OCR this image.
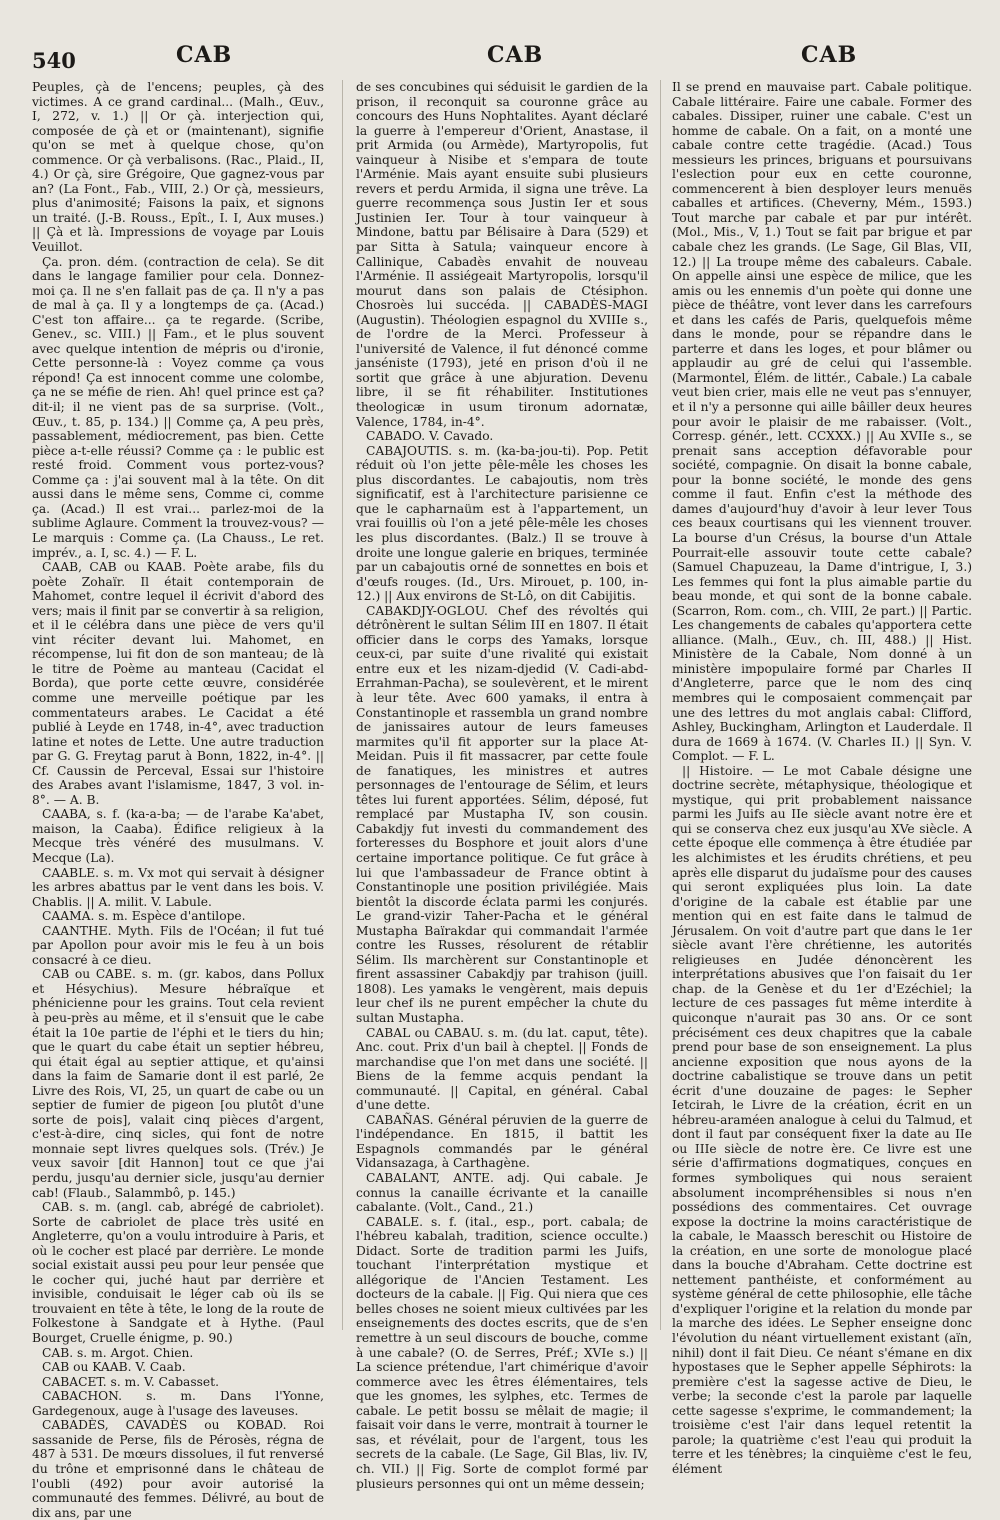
540	CAB	CAB	CAB

Peuples, çà de l'encens; peuples, çà des victimes. A ce grand cardinal... (Malh., Œuv., I, 272, v. 1.) || Or çà. interjection qui, composée de çà et or (maintenant), signifie qu'on se met à quelque chose, qu'on commence. Or çà verbalisons. (Rac., Plaid., II, 4.) Or çà, sire Grégoire, Que gagnez-vous par an? (La Font., Fab., VIII, 2.) Or çà, messieurs, plus d'animosité; Faisons la paix, et signons un traité. (J.-B. Rouss., Epît., I. I, Aux muses.) || Çà et là. Impressions de voyage par Louis Veuillot.

Ça. pron. dém. (contraction de cela). Se dit dans le langage familier pour cela. Donnez-moi ça. Il ne s'en fallait pas de ça. Il n'y a pas de mal à ça. Il y a longtemps de ça. (Acad.) C'est ton affaire... ça te regarde. (Scribe, Genev., sc. VIII.) || Fam., et le plus souvent avec quelque intention de mépris ou d'ironie, Cette personne-là : Voyez comme ça vous répond! Ça est innocent comme une colombe, ça ne se méfie de rien. Ah! quel prince est ça? dit-il; il ne vient pas de sa surprise. (Volt., Œuv., t. 85, p. 134.) || Comme ça, A peu près, passablement, médiocrement, pas bien. Cette pièce a-t-elle réussi? Comme ça : le public est resté froid. Comment vous portez-vous? Comme ça : j'ai souvent mal à la tête. On dit aussi dans le même sens, Comme ci, comme ça. (Acad.) Il est vrai... parlez-moi de la sublime Aglaure. Comment la trouvez-vous? — Le marquis : Comme ça. (La Chauss., Le ret. imprév., a. I, sc. 4.) — F. L.

CAAB, CAB ou KAAB. Poète arabe, fils du poète Zohaïr. Il était contemporain de Mahomet, contre lequel il écrivit d'abord des vers; mais il finit par se convertir à sa religion, et il le célébra dans une pièce de vers qu'il vint réciter devant lui. Mahomet, en récompense, lui fit don de son manteau; de là le titre de Poème au manteau (Cacidat el Borda), que porte cette œuvre, considérée comme une merveille poétique par les commentateurs arabes. Le Cacidat a été publié à Leyde en 1748, in-4°, avec traduction latine et notes de Lette. Une autre traduction par G. G. Freytag parut à Bonn, 1822, in-4°. || Cf. Caussin de Perceval, Essai sur l'histoire des Arabes avant l'islamisme, 1847, 3 vol. in-8°. — A. B.

CAABA, s. f. (ka-a-ba; — de l'arabe Ka'abet, maison, la Caaba). Édifice religieux à la Mecque très vénéré des musulmans. V. Mecque (La).

CAABLE. s. m. Vx mot qui servait à désigner les arbres abattus par le vent dans les bois. V. Chablis. || A. milit. V. Labule.

CAAMA. s. m. Espèce d'antilope.

CAANTHE. Myth. Fils de l'Océan; il fut tué par Apollon pour avoir mis le feu à un bois consacré à ce dieu.

CAB ou CABE. s. m. (gr. kabos, dans Pollux et Hésychius). Mesure hébraïque et phénicienne pour les grains. Tout cela revient à peu-près au même, et il s'ensuit que le cabe était la 10e partie de l'éphi et le tiers du hin; que le quart du cabe était un septier hébreu, qui était égal au septier attique, et qu'ainsi dans la faim de Samarie dont il est parlé, 2e Livre des Rois, VI, 25, un quart de cabe ou un septier de fumier de pigeon [ou plutôt d'une sorte de pois], valait cinq pièces d'argent, c'est-à-dire, cinq sicles, qui font de notre monnaie sept livres quelques sols. (Trév.) Je veux savoir [dit Hannon] tout ce que j'ai perdu, jusqu'au dernier sicle, jusqu'au dernier cab! (Flaub., Salammbô, p. 145.)

CAB. s. m. (angl. cab, abrégé de cabriolet). Sorte de cabriolet de place très usité en Angleterre, qu'on a voulu introduire à Paris, et où le cocher est placé par derrière. Le monde social existait aussi peu pour leur pensée que le cocher qui, juché haut par derrière et invisible, conduisait le léger cab où ils se trouvaient en tête à tête, le long de la route de Folkestone à Sandgate et à Hythe. (Paul Bourget, Cruelle énigme, p. 90.)

CAB. s. m. Argot. Chien.

CAB ou KAAB. V. Caab.

CABACET. s. m. V. Cabasset.

CABACHON. s. m. Dans l'Yonne, Gardegenoux, auge à l'usage des laveuses.

CABADÈS, CAVADÈS ou KOBAD. Roi sassanide de Perse, fils de Pérosès, régna de 487 à 531. De mœurs dissolues, il fut renversé du trône et emprisonné dans le château de l'oubli (492) pour avoir autorisé la communauté des femmes. Délivré, au bout de dix ans, par une

de ses concubines qui séduisit le gardien de la prison, il reconquit sa couronne grâce au concours des Huns Nophtalites. Ayant déclaré la guerre à l'empereur d'Orient, Anastase, il prit Armida (ou Armède), Martyropolis, fut vainqueur à Nisibe et s'empara de toute l'Arménie. Mais ayant ensuite subi plusieurs revers et perdu Armida, il signa une trêve. La guerre recommença sous Justin Ier et sous Justinien Ier. Tour à tour vainqueur à Mindone, battu par Bélisaire à Dara (529) et par Sitta à Satula; vainqueur encore à Callinique, Cabadès envahit de nouveau l'Arménie. Il assiégeait Martyropolis, lorsqu'il mourut dans son palais de Ctésiphon. Chosroès lui succéda. || CABADÈS-MAGI (Augustin). Théologien espagnol du XVIIIe s., de l'ordre de la Merci. Professeur à l'université de Valence, il fut dénoncé comme janséniste (1793), jeté en prison d'où il ne sortit que grâce à une abjuration. Devenu libre, il se fit réhabiliter. Institutiones theologicæ in usum tironum adornatæ, Valence, 1784, in-4°.

CABADO. V. Cavado.

CABAJOUTIS. s. m. (ka-ba-jou-ti). Pop. Petit réduit où l'on jette pêle-mêle les choses les plus discordantes. Le cabajoutis, nom très significatif, est à l'architecture parisienne ce que le capharnaüm est à l'appartement, un vrai fouillis où l'on a jeté pêle-mêle les choses les plus discordantes. (Balz.) Il se trouve à droite une longue galerie en briques, terminée par un cabajoutis orné de sonnettes en bois et d'œufs rouges. (Id., Urs. Mirouet, p. 100, in-12.) || Aux environs de St-Lô, on dit Cabijitis.

CABAKDJY-OGLOU. Chef des révoltés qui détrônèrent le sultan Sélim III en 1807. Il était officier dans le corps des Yamaks, lorsque ceux-ci, par suite d'une rivalité qui existait entre eux et les nizam-djedid (V. Cadi-abd-Errahman-Pacha), se soulevèrent, et le mirent à leur tête. Avec 600 yamaks, il entra à Constantinople et rassembla un grand nombre de janissaires autour de leurs fameuses marmites qu'il fit apporter sur la place At-Meidan. Puis il fit massacrer, par cette foule de fanatiques, les ministres et autres personnages de l'entourage de Sélim, et leurs têtes lui furent apportées. Sélim, déposé, fut remplacé par Mustapha IV, son cousin. Cabakdjy fut investi du commandement des forteresses du Bosphore et jouit alors d'une certaine importance politique. Ce fut grâce à lui que l'ambassadeur de France obtint à Constantinople une position privilégiée. Mais bientôt la discorde éclata parmi les conjurés. Le grand-vizir Taher-Pacha et le général Mustapha Baïrakdar qui commandait l'armée contre les Russes, résolurent de rétablir Sélim. Ils marchèrent sur Constantinople et firent assassiner Cabakdjy par trahison (juill. 1808). Les yamaks le vengèrent, mais depuis leur chef ils ne purent empêcher la chute du sultan Mustapha.

CABAL ou CABAU. s. m. (du lat. caput, tête). Anc. cout. Prix d'un bail à cheptel. || Fonds de marchandise que l'on met dans une société. || Biens de la femme acquis pendant la communauté. || Capital, en général. Cabal d'une dette.

CABAÑAS. Général péruvien de la guerre de l'indépendance. En 1815, il battit les Espagnols commandés par le général Vidansazaga, à Carthagène.

CABALANT, ANTE. adj. Qui cabale. Je connus la canaille écrivante et la canaille cabalante. (Volt., Cand., 21.)

CABALE. s. f. (ital., esp., port. cabala; de l'hébreu kabalah, tradition, science occulte.) Didact. Sorte de tradition parmi les Juifs, touchant l'interprétation mystique et allégorique de l'Ancien Testament. Les docteurs de la cabale. || Fig. Qui niera que ces belles choses ne soient mieux cultivées par les enseignements des doctes escrits, que de s'en remettre à un seul discours de bouche, comme à une cabale? (O. de Serres, Préf.; XVIe s.) || La science prétendue, l'art chimérique d'avoir commerce avec les êtres élémentaires, tels que les gnomes, les sylphes, etc. Termes de cabale. Le petit bossu se mêlait de magie; il faisait voir dans le verre, montrait à tourner le sas, et révélait, pour de l'argent, tous les secrets de la cabale. (Le Sage, Gil Blas, liv. IV, ch. VII.) || Fig. Sorte de complot formé par plusieurs personnes qui ont un même dessein;

Il se prend en mauvaise part. Cabale politique. Cabale littéraire. Faire une cabale. Former des cabales. Dissiper, ruiner une cabale. C'est un homme de cabale. On a fait, on a monté une cabale contre cette tragédie. (Acad.) Tous messieurs les princes, briguans et poursuivans l'eslection pour eux en cette couronne, commencerent à bien desployer leurs menuës caballes et artifices. (Cheverny, Mém., 1593.) Tout marche par cabale et par pur intérêt. (Mol., Mis., V, 1.) Tout se fait par brigue et par cabale chez les grands. (Le Sage, Gil Blas, VII, 12.) || La troupe même des cabaleurs. Cabale. On appelle ainsi une espèce de milice, que les amis ou les ennemis d'un poète qui donne une pièce de théâtre, vont lever dans les carrefours et dans les cafés de Paris, quelquefois même dans le monde, pour se répandre dans le parterre et dans les loges, et pour blâmer ou applaudir au gré de celui qui l'assemble. (Marmontel, Élém. de littér., Cabale.) La cabale veut bien crier, mais elle ne veut pas s'ennuyer, et il n'y a personne qui aille bâiller deux heures pour avoir le plaisir de me rabaisser. (Volt., Corresp. génér., lett. CCXXX.) || Au XVIIe s., se prenait sans acception défavorable pour société, compagnie. On disait la bonne cabale, pour la bonne société, le monde des gens comme il faut. Enfin c'est la méthode des dames d'aujourd'huy d'avoir à leur lever Tous ces beaux courtisans qui les viennent trouver. La bourse d'un Crésus, la bourse d'un Attale Pourrait-elle assouvir toute cette cabale? (Samuel Chapuzeau, la Dame d'intrigue, I, 3.) Les femmes qui font la plus aimable partie du beau monde, et qui sont de la bonne cabale. (Scarron, Rom. com., ch. VIII, 2e part.) || Partic. Les changements de cabales qu'apportera cette alliance. (Malh., Œuv., ch. III, 488.) || Hist. Ministère de la Cabale, Nom donné à un ministère impopulaire formé par Charles II d'Angleterre, parce que le nom des cinq membres qui le composaient commençait par une des lettres du mot anglais cabal: Clifford, Ashley, Buckingham, Arlington et Lauderdale. Il dura de 1669 à 1674. (V. Charles II.) || Syn. V. Complot. — F. L.

|| Histoire. — Le mot Cabale désigne une doctrine secrète, métaphysique, théologique et mystique, qui prit probablement naissance parmi les Juifs au IIe siècle avant notre ère et qui se conserva chez eux jusqu'au XVe siècle. A cette époque elle commença à être étudiée par les alchimistes et les érudits chrétiens, et peu après elle disparut du judaïsme pour des causes qui seront expliquées plus loin. La date d'origine de la cabale est établie par une mention qui en est faite dans le talmud de Jérusalem. On voit d'autre part que dans le 1er siècle avant l'ère chrétienne, les autorités religieuses en Judée dénoncèrent les interprétations abusives que l'on faisait du 1er chap. de la Genèse et du 1er d'Ezéchiel; la lecture de ces passages fut même interdite à quiconque n'aurait pas 30 ans. Or ce sont précisément ces deux chapitres que la cabale prend pour base de son enseignement. La plus ancienne exposition que nous ayons de la doctrine cabalistique se trouve dans un petit écrit d'une douzaine de pages: le Sepher Ietcirah, le Livre de la création, écrit en un hébreu-araméen analogue à celui du Talmud, et dont il faut par conséquent fixer la date au IIe ou IIIe siècle de notre ère. Ce livre est une série d'affirmations dogmatiques, conçues en formes symboliques qui nous seraient absolument incompréhensibles si nous n'en possédions des commentaires. Cet ouvrage expose la doctrine la moins caractéristique de la cabale, le Maassch bereschit ou Histoire de la création, en une sorte de monologue placé dans la bouche d'Abraham. Cette doctrine est nettement panthéiste, et conformément au système général de cette philosophie, elle tâche d'expliquer l'origine et la relation du monde par la marche des idées. Le Sepher enseigne donc l'évolution du néant virtuellement existant (aïn, nihil) dont il fait Dieu. Ce néant s'émane en dix hypostases que le Sepher appelle Séphirots: la première c'est la sagesse active de Dieu, le verbe; la seconde c'est la parole par laquelle cette sagesse s'exprime, le commandement; la troisième c'est l'air dans lequel retentit la parole; la quatrième c'est l'eau qui produit la terre et les ténèbres; la cinquième c'est le feu, élément
